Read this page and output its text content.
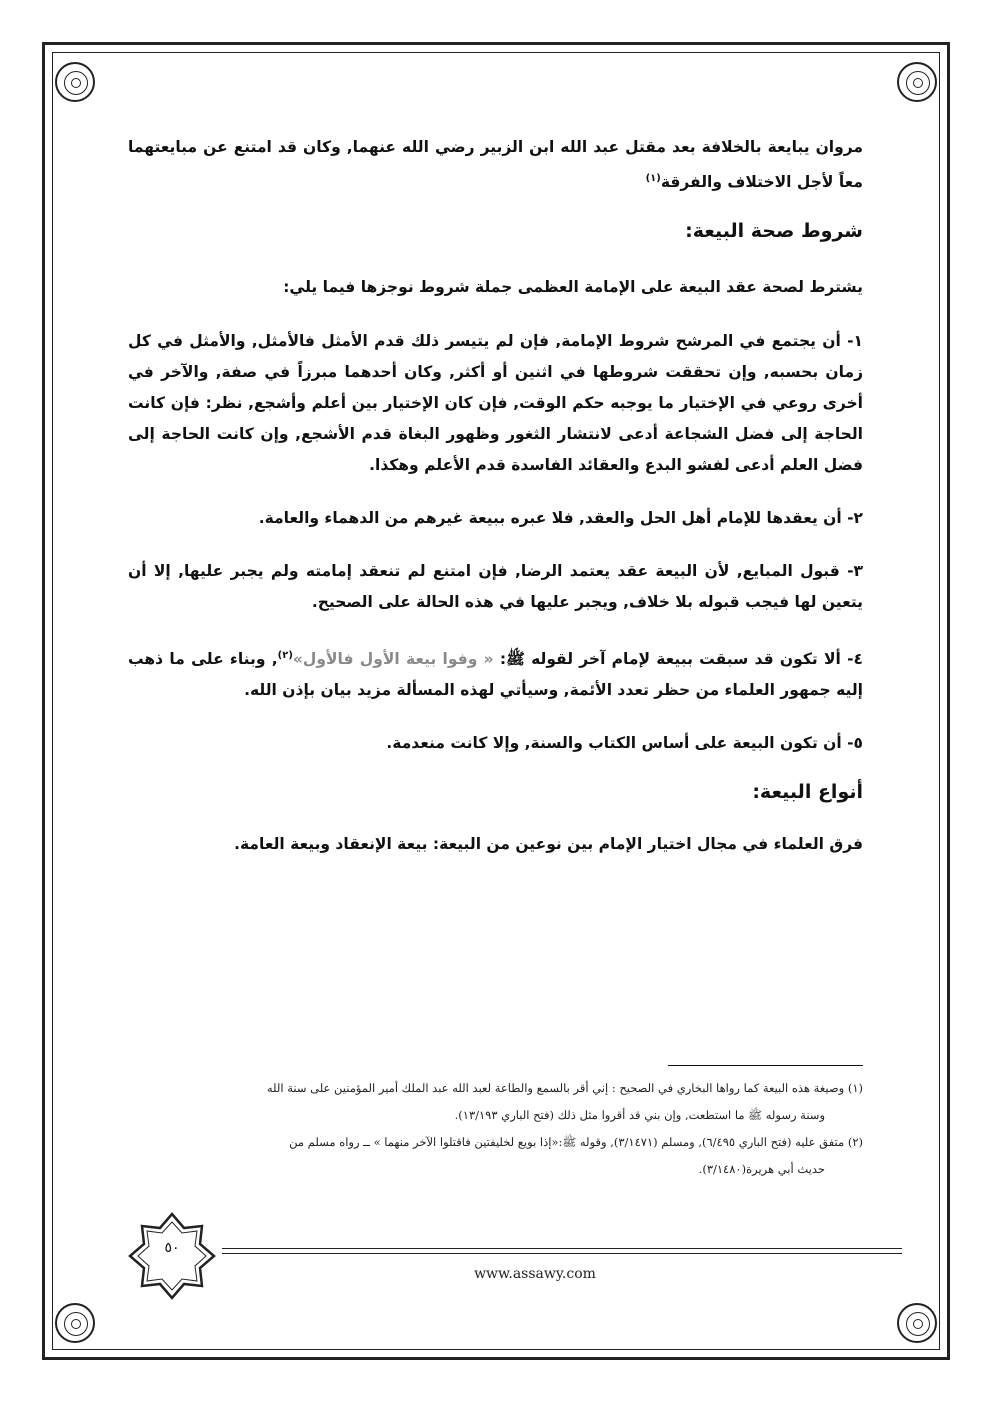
مروان يبايعة بالخلافة بعد مقتل عبد الله ابن الزبير رضي الله عنهما, وكان قد امتنع عن مبايعتهما معاً لأجل الاختلاف والفرقة$^{(١)}$

شروط صحة البيعة:

يشترط لصحة عقد البيعة على الإمامة العظمى جملة شروط نوجزها فيما يلي:

١- أن يجتمع في المرشح شروط الإمامة, فإن لم يتيسر ذلك قدم الأمثل فالأمثل, والأمثل في كل زمان بحسبه, وإن تحققت شروطها في اثنين أو أكثر, وكان أحدهما مبرزاً في صفة, والآخر في أخرى روعي في الإختيار ما يوجبه حكم الوقت, فإن كان الإختيار بين أعلم وأشجع, نظر: فإن كانت الحاجة إلى فضل الشجاعة أدعى لانتشار الثغور وظهور البغاة قدم الأشجع, وإن كانت الحاجة إلى فضل العلم أدعى لفشو البدع والعقائد الفاسدة قدم الأعلم وهكذا.

٢- أن يعقدها للإمام أهل الحل والعقد, فلا عبره ببيعة غيرهم من الدهماء والعامة.

٣- قبول المبايع, لأن البيعة عقد يعتمد الرضا, فإن امتنع لم تنعقد إمامته ولم يجبر عليها, إلا أن يتعين لها فيجب قبوله بلا خلاف, ويجبر عليها في هذه الحالة على الصحيح.

٤- ألا تكون قد سبقت ببيعة لإمام آخر لقوله ﷺ: « وفوا بيعة الأول فالأول»$^{(٢)}$, وبناء على ما ذهب إليه جمهور العلماء من حظر تعدد الأئمة, وسيأتي لهذه المسألة مزيد بيان بإذن الله.

٥- أن تكون البيعة على أساس الكتاب والسنة, وإلا كانت منعدمة.

أنواع البيعة:

فرق العلماء في مجال اختيار الإمام بين نوعين من البيعة: بيعة الإنعقاد وبيعة العامة.

(١) وصيغة هذه البيعة كما رواها البخاري في الصحيح : إني أقر بالسمع والطاعة لعبد الله عبد الملك أمير المؤمنين على سنة الله
وسنة رسوله ﷺ ما استطعت, وإن بني قد أقروا مثل ذلك (فتح الباري ١٣/١٩٣).
(٢) متفق عليه (فتح الباري ٦/٤٩٥), ومسلم (٣/١٤٧١), وقوله ﷺ:«إذا بويع لخليفتين فاقتلوا الآخر منهما » ــ رواه مسلم من
حديث أبي هريرة(٣/١٤٨٠).
٥٠
www.assawy.com
